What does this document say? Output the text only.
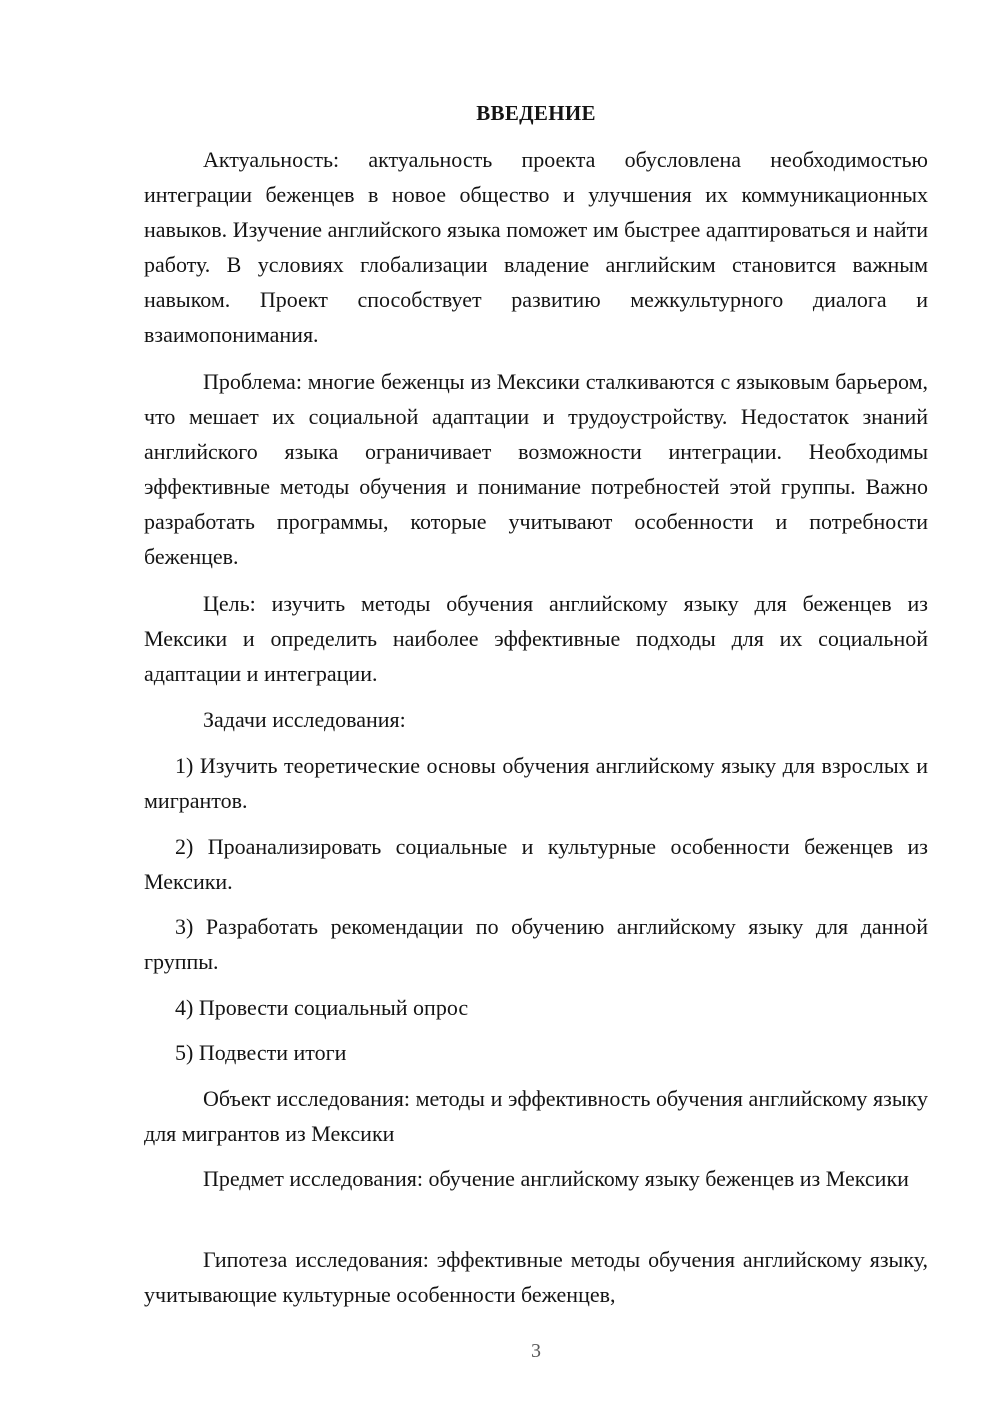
ВВЕДЕНИЕ

Актуальность: актуальность проекта обусловлена необходимостью интеграции беженцев в новое общество и улучшения их коммуникационных навыков. Изучение английского языка поможет им быстрее адаптироваться и найти работу. В условиях глобализации владение английским становится важным навыком. Проект способствует развитию межкультурного диалога и взаимопонимания.

Проблема: многие беженцы из Мексики сталкиваются с языковым барьером, что мешает их социальной адаптации и трудоустройству. Недостаток знаний английского языка ограничивает возможности интеграции. Необходимы эффективные методы обучения и понимание потребностей этой группы. Важно разработать программы, которые учитывают особенности и потребности беженцев.

Цель: изучить методы обучения английскому языку для беженцев из Мексики и определить наиболее эффективные подходы для их социальной адаптации и интеграции.

Задачи исследования:

1) Изучить теоретические основы обучения английскому языку для взрослых и мигрантов.

2) Проанализировать социальные и культурные особенности беженцев из Мексики.

3) Разработать рекомендации по обучению английскому языку для данной группы.

4) Провести социальный опрос

5) Подвести итоги

Объект исследования: методы и эффективность обучения английскому языку для мигрантов из Мексики

Предмет исследования: обучение английскому языку беженцев из Мексики

Гипотеза исследования: эффективные методы обучения английскому языку, учитывающие культурные особенности беженцев,

3
